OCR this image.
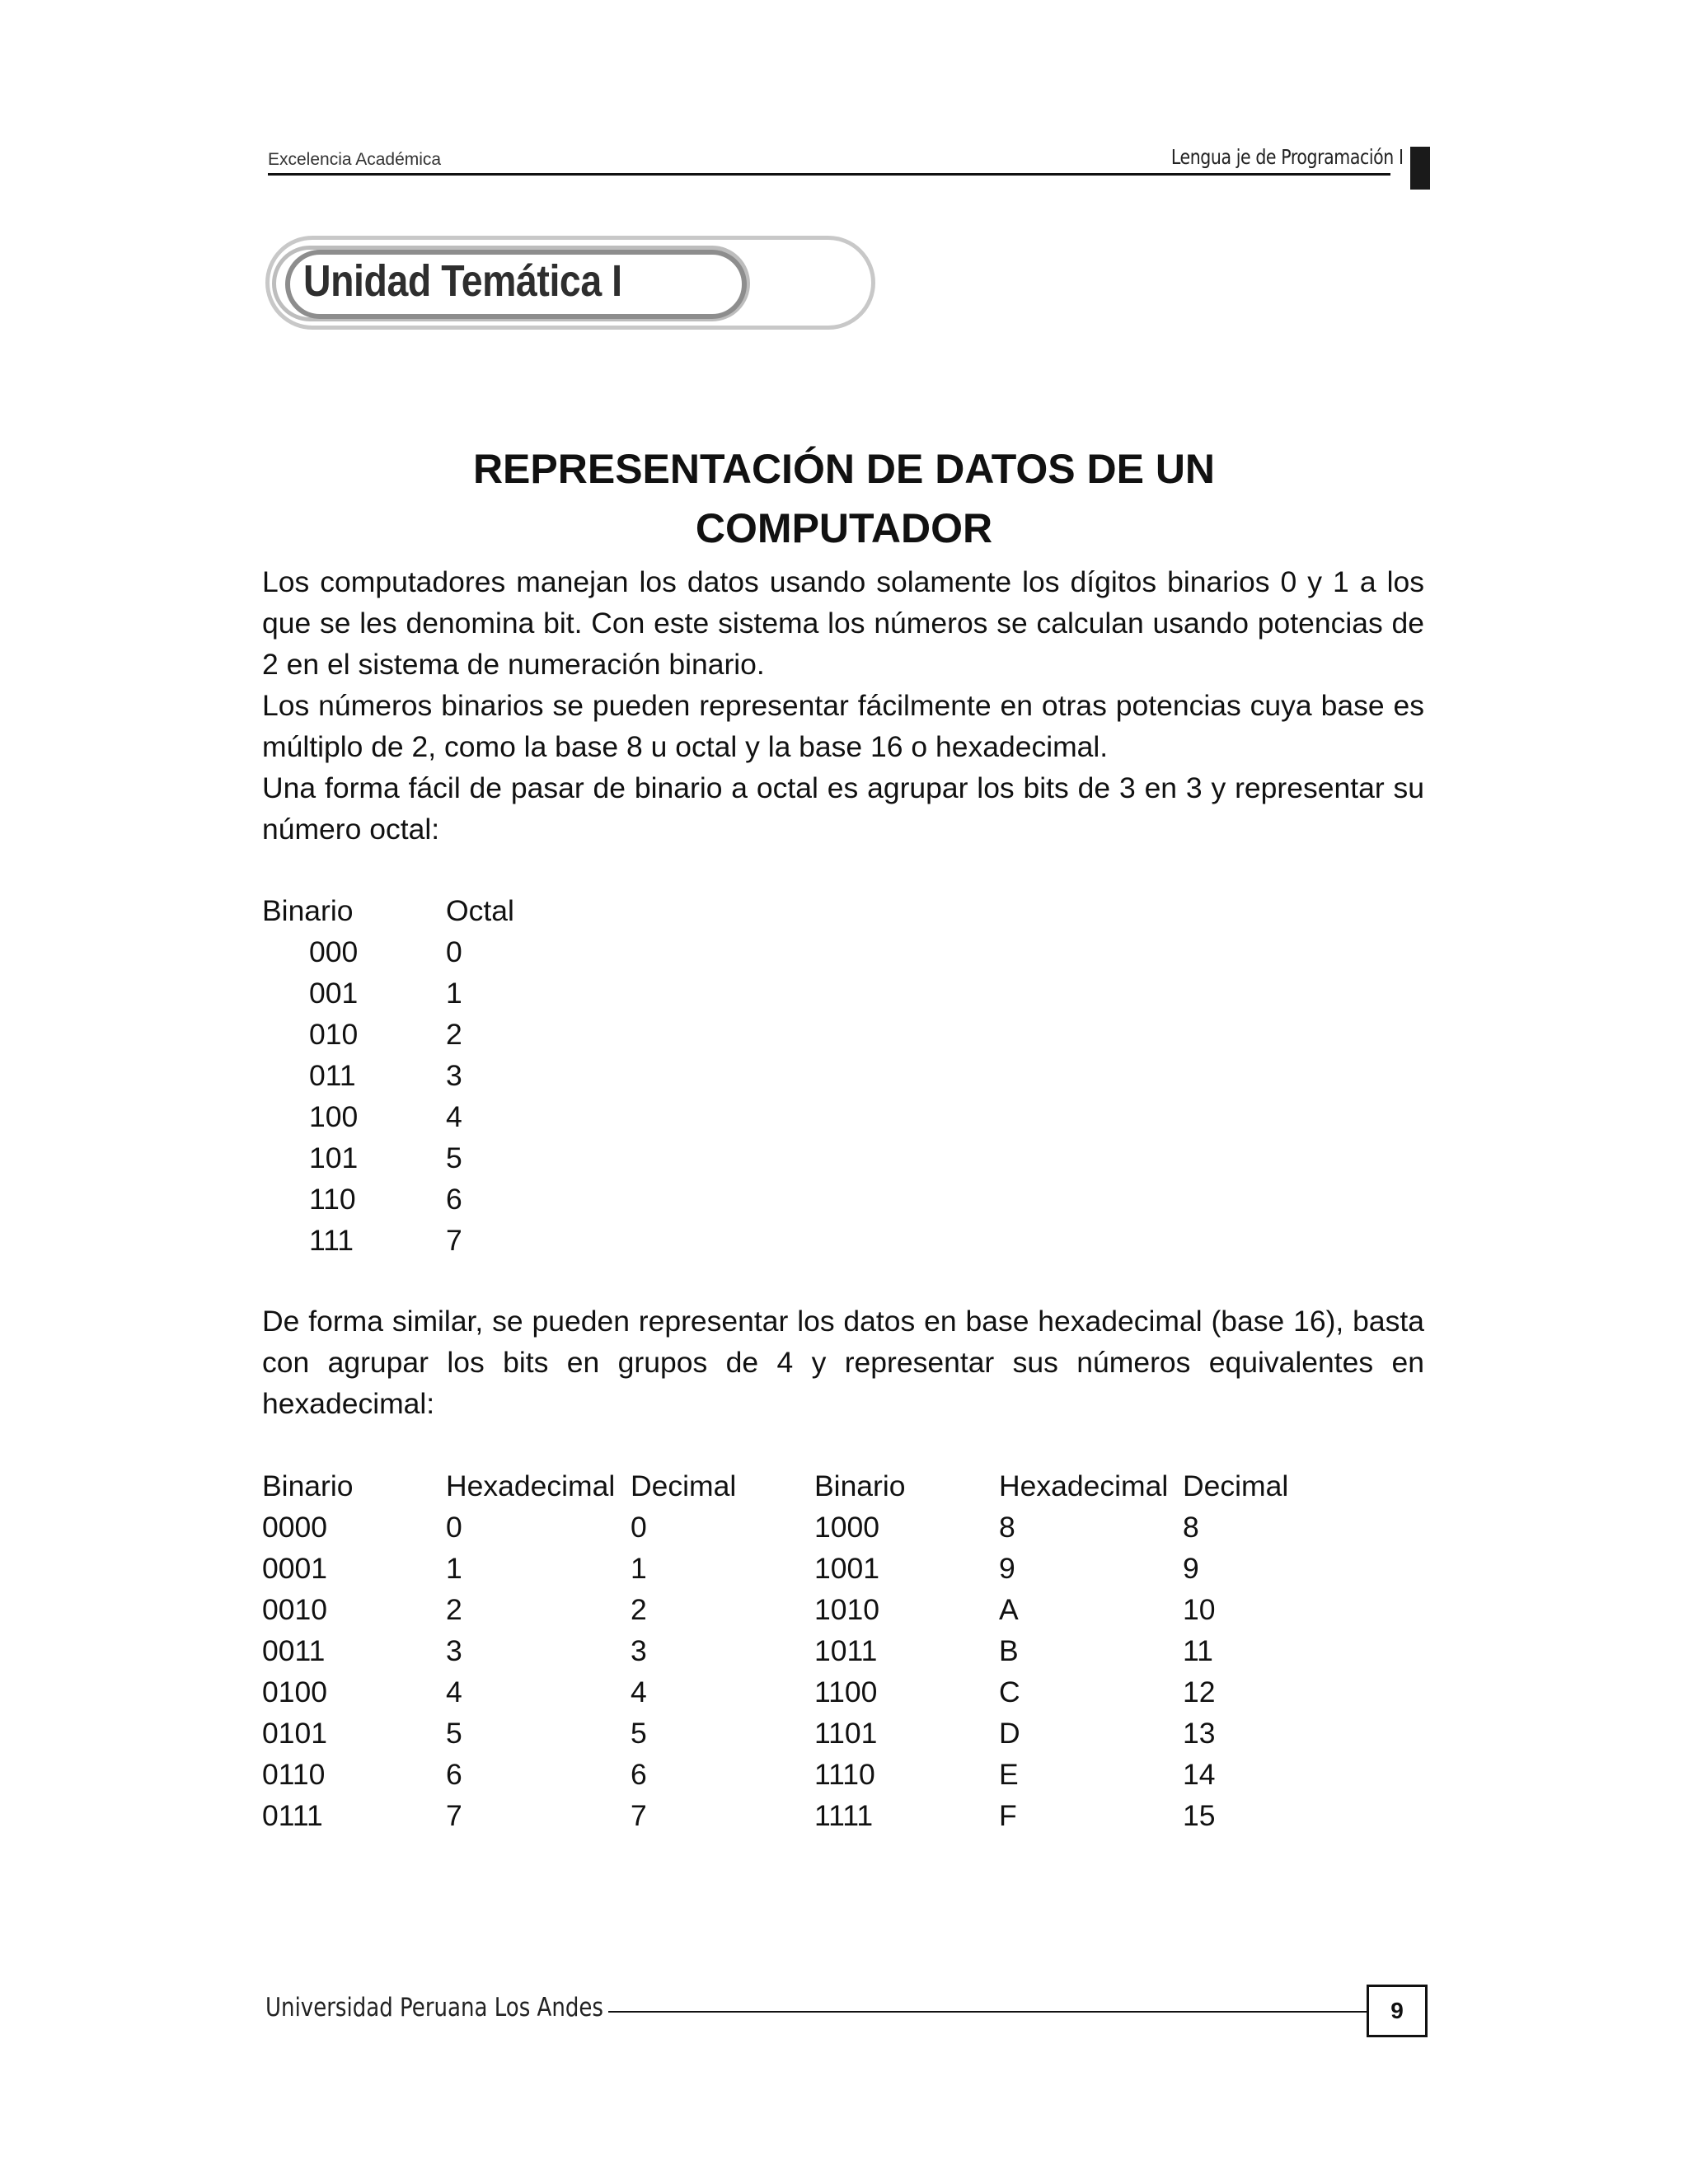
Excelencia Académica	Lengua je de Programación I
Unidad Temática I
REPRESENTACIÓN DE DATOS DE UN
COMPUTADOR
Los computadores manejan los datos usando solamente los dígitos binarios 0 y 1 a los que se les denomina bit. Con este sistema los números se calculan usando potencias de 2 en el sistema de numeración binario.
Los números binarios se pueden representar fácilmente en otras potencias cuya base es múltiplo de 2, como la base 8 u octal y la base 16 o hexadecimal.
Una forma fácil de pasar de binario a octal es agrupar los bits de 3 en 3 y representar su número octal:
Binario	Octal
000	0
001	1
010	2
011	3
100	4
101	5
110	6
111	7
De forma similar, se pueden representar los datos en base hexadecimal (base 16), basta con agrupar los bits en grupos de 4 y representar sus números equivalentes en hexadecimal:
Binario	Hexadecimal Decimal	Binario	Hexadecimal Decimal
0000	0	0	1000	8	8
0001	1	1	1001	9	9
0010	2	2	1010	A	10
0011	3	3	1011	B	11
0100	4	4	1100	C	12
0101	5	5	1101	D	13
0110	6	6	1110	E	14
0111	7	7	1111	F	15
Universidad Peruana Los Andes	9
